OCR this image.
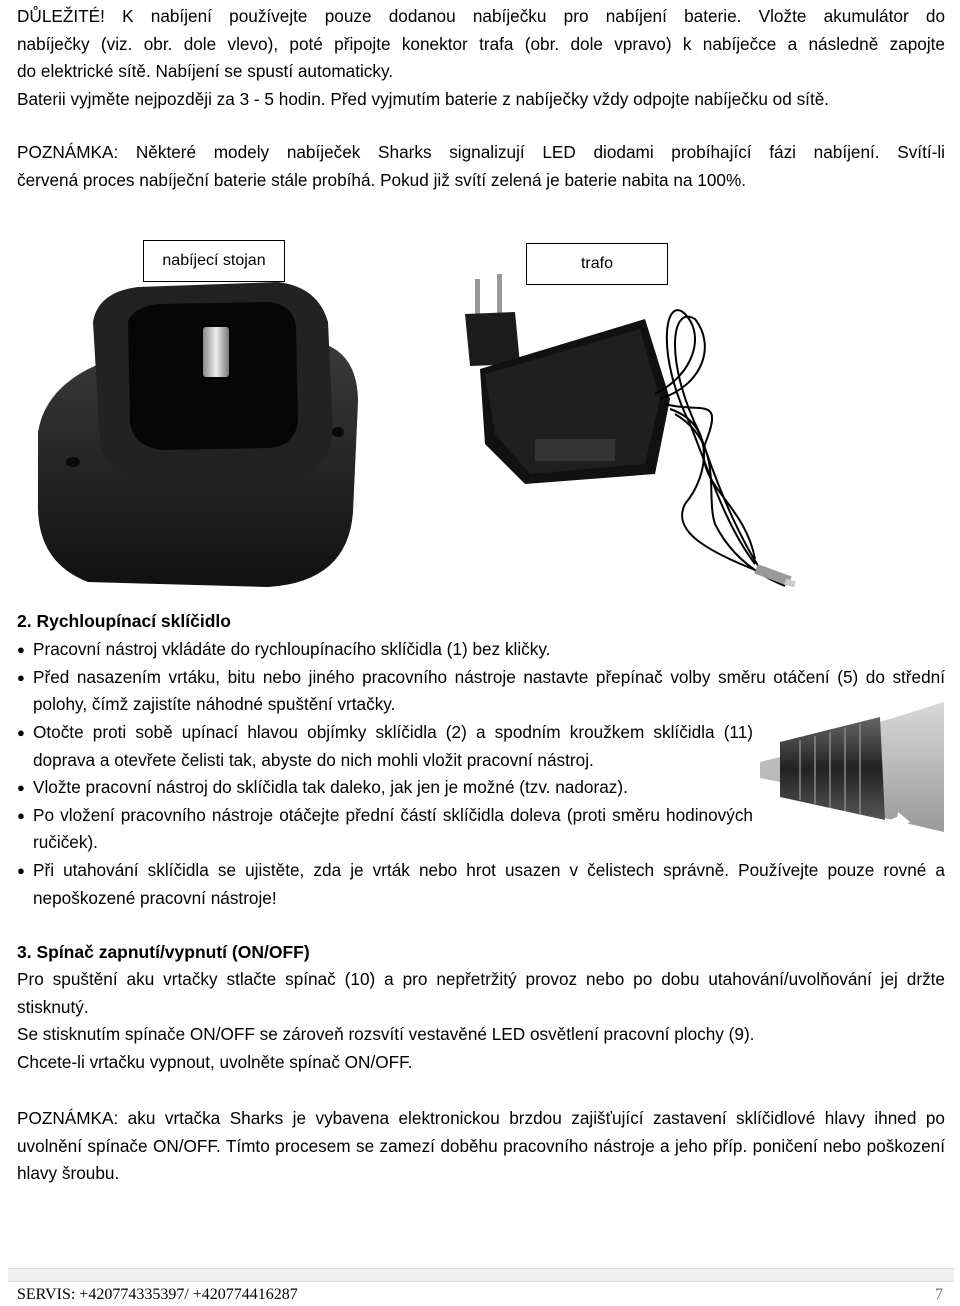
DŮLEŽITÉ! K nabíjení používejte pouze dodanou nabíječku pro nabíjení baterie. Vložte akumulátor do
nabíječky (viz. obr. dole vlevo), poté připojte konektor trafa (obr. dole vpravo) k nabíječce a následně zapojte
do elektrické sítě. Nabíjení se spustí automaticky.
Baterii vyjměte nejpozději za 3 - 5 hodin. Před vyjmutím baterie z nabíječky vždy odpojte nabíječku od sítě.
POZNÁMKA: Některé modely nabíječek Sharks signalizují LED diodami probíhající fázi nabíjení. Svítí-li
červená proces nabíječní baterie stále probíhá. Pokud již svítí zelená je baterie nabita na 100%.
nabíjecí stojan	trafo
2. Rychloupínací sklíčidlo
● Pracovní nástroj vkládáte do rychloupínacího sklíčidla (1) bez kličky.
● Před nasazením vrtáku, bitu nebo jiného pracovního nástroje nastavte přepínač volby směru otáčení (5) do střední polohy, čímž zajistíte náhodné spuštění vrtačky.
● Otočte proti sobě upínací hlavou objímky sklíčidla (2) a spodním kroužkem sklíčidla (11) doprava a otevřete čelisti tak, abyste do nich mohli vložit pracovní nástroj.
● Vložte pracovní nástroj do sklíčidla tak daleko, jak jen je možné (tzv. nadoraz).
● Po vložení pracovního nástroje otáčejte přední částí sklíčidla doleva (proti směru hodinových ručiček).
● Při utahování sklíčidla se ujistěte, zda je vrták nebo hrot usazen v čelistech správně. Používejte pouze rovné a nepoškozené pracovní nástroje!
3. Spínač zapnutí/vypnutí (ON/OFF)
Pro spuštění aku vrtačky stlačte spínač (10) a pro nepřetržitý provoz nebo po dobu utahování/uvolňování jej držte stisknutý.
Se stisknutím spínače ON/OFF se zároveň rozsvítí vestavěné LED osvětlení pracovní plochy (9).
Chcete-li vrtačku vypnout, uvolněte spínač ON/OFF.
POZNÁMKA: aku vrtačka Sharks je vybavena elektronickou brzdou zajišťující zastavení sklíčidlové hlavy ihned po uvolnění spínače ON/OFF. Tímto procesem se zamezí doběhu pracovního nástroje a jeho příp. poničení nebo poškození hlavy šroubu.
SERVIS: +420774335397/ +420774416287	7
